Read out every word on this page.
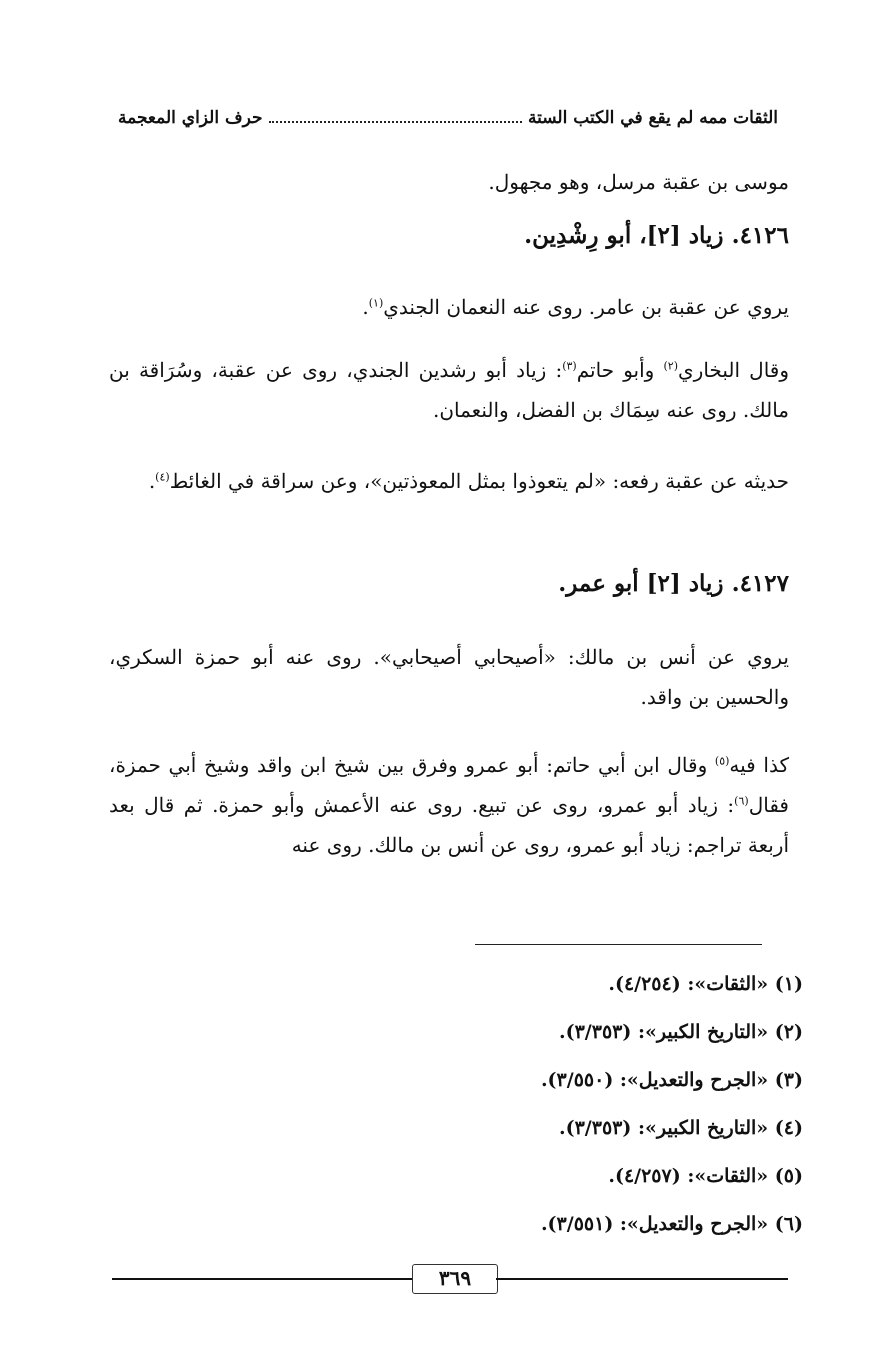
حرف الزاي المعجمة	الثقات ممه لم يقع في الكتب الستة
موسى بن عقبة مرسل، وهو مجهول.
٤١٢٦. زياد [٢]، أبو رِشْدِين.
يروي عن عقبة بن عامر. روى عنه النعمان الجندي$^{(١)}$.
وقال البخاري$^{(٢)}$ وأبو حاتم$^{(٣)}$: زياد أبو رشدين الجندي، روى عن عقبة، وسُرَاقة بن مالك. روى عنه سِمَاك بن الفضل، والنعمان.
حديثه عن عقبة رفعه: «لم يتعوذوا بمثل المعوذتين»، وعن سراقة في الغائط$^{(٤)}$.
٤١٢٧. زياد [٢] أبو عمر.
يروي عن أنس بن مالك: «أصيحابي أصيحابي». روى عنه أبو حمزة السكري، والحسين بن واقد.
كذا فيه$^{(٥)}$ وقال ابن أبي حاتم: أبو عمرو وفرق بين شيخ ابن واقد وشيخ أبي حمزة، فقال$^{(٦)}$: زياد أبو عمرو، روى عن تبيع. روى عنه الأعمش وأبو حمزة. ثم قال بعد أربعة تراجم: زياد أبو عمرو، روى عن أنس بن مالك. روى عنه
(١) «الثقات»: (٤/٢٥٤).
(٢) «التاريخ الكبير»: (٣/٣٥٣).
(٣) «الجرح والتعديل»: (٣/٥٥٠).
(٤) «التاريخ الكبير»: (٣/٣٥٣).
(٥) «الثقات»: (٤/٢٥٧).
(٦) «الجرح والتعديل»: (٣/٥٥١).
٣٦٩
